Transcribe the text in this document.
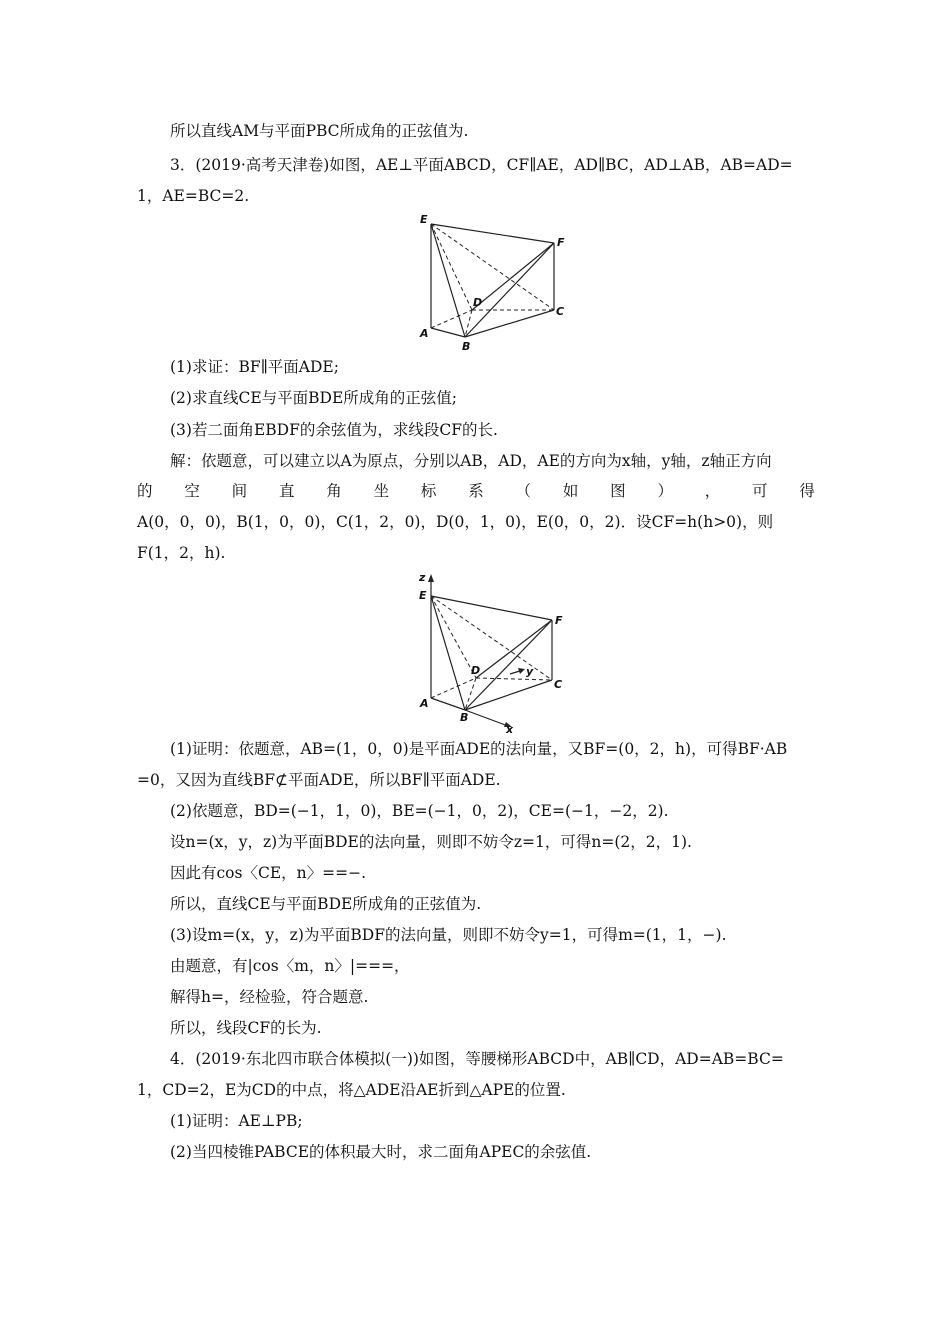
所以直线AM与平面PBC所成角的正弦值为.
3．(2019·高考天津卷)如图，AE⊥平面ABCD，CF∥AE，AD∥BC，AD⊥AB，AB=AD=
1，AE=BC=2.
E
F
D
C
A
B
(1)求证：BF∥平面ADE;
(2)求直线CE与平面BDE所成角的正弦值;
(3)若二面角EBDF的余弦值为，求线段CF的长.
解：依题意，可以建立以A为原点，分别以AB，AD，AE的方向为x轴，y轴，z轴正方向
的 空 间 直 角 坐 标 系 （ 如 图 ） ， 可 得
A(0，0，0)，B(1，0，0)，C(1，2，0)，D(0，1，0)，E(0，0，2)．设CF=h(h>0)，则
F(1，2，h).
z
E
F
D	y
C
A
B
x
(1)证明：依题意，AB=(1，0，0)是平面ADE的法向量，又BF=(0，2，h)，可得BF·AB
=0，又因为直线BF⊄平面ADE，所以BF∥平面ADE.
(2)依题意，BD=(−1，1，0)，BE=(−1，0，2)，CE=(−1，−2，2).
设n=(x，y，z)为平面BDE的法向量，则即不妨令z=1，可得n=(2，2，1).
因此有cos〈CE，n〉==−.
所以，直线CE与平面BDE所成角的正弦值为.
(3)设m=(x，y，z)为平面BDF的法向量，则即不妨令y=1，可得m=(1，1，−).
由题意，有|cos〈m，n〉|===，
解得h=，经检验，符合题意.
所以，线段CF的长为.
4．(2019·东北四市联合体模拟(一))如图，等腰梯形ABCD中，AB∥CD，AD=AB=BC=
1，CD=2，E为CD的中点，将△ADE沿AE折到△APE的位置.
(1)证明：AE⊥PB;
(2)当四棱锥PABCE的体积最大时，求二面角APEC的余弦值.
